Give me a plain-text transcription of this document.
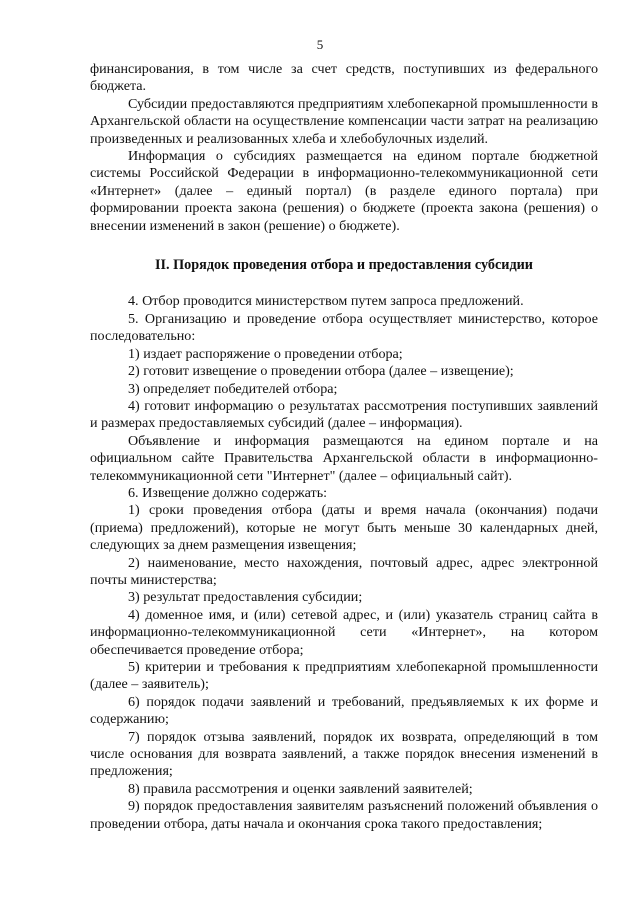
5

финансирования, в том числе за счет средств, поступивших из федерального бюджета.

Субсидии предоставляются предприятиям хлебопекарной промышленности в Архангельской области на осуществление компенсации части затрат на реализацию произведенных и реализованных хлеба и хлебобулочных изделий.

Информация о субсидиях размещается на едином портале бюджетной системы Российской Федерации в информационно-телекоммуникационной сети «Интернет» (далее – единый портал) (в разделе единого портала) при формировании проекта закона (решения) о бюджете (проекта закона (решения) о внесении изменений в закон (решение) о бюджете).

II. Порядок проведения отбора и предоставления субсидии

4. Отбор проводится министерством путем запроса предложений.

5. Организацию и проведение отбора осуществляет министерство, которое последовательно:

1) издает распоряжение о проведении отбора;

2) готовит извещение о проведении отбора (далее – извещение);

3) определяет победителей отбора;

4) готовит информацию о результатах рассмотрения поступивших заявлений и размерах предоставляемых субсидий (далее – информация).

Объявление и информация размещаются на едином портале и на официальном сайте Правительства Архангельской области в информационно-телекоммуникационной сети "Интернет" (далее – официальный сайт).

6. Извещение должно содержать:

1) сроки проведения отбора (даты и время начала (окончания) подачи (приема) предложений), которые не могут быть меньше 30 календарных дней, следующих за днем размещения извещения;

2) наименование, место нахождения, почтовый адрес, адрес электронной почты министерства;

3) результат предоставления субсидии;

4) доменное имя, и (или) сетевой адрес, и (или) указатель страниц сайта в информационно-телекоммуникационной сети «Интернет», на котором обеспечивается проведение отбора;

5) критерии и требования к предприятиям хлебопекарной промышленности (далее – заявитель);

6) порядок подачи заявлений и требований, предъявляемых к их форме и содержанию;

7) порядок отзыва заявлений, порядок их возврата, определяющий в том числе основания для возврата заявлений, а также порядок внесения изменений в предложения;

8) правила рассмотрения и оценки заявлений заявителей;

9) порядок предоставления заявителям разъяснений положений объявления о проведении отбора, даты начала и окончания срока такого предоставления;
